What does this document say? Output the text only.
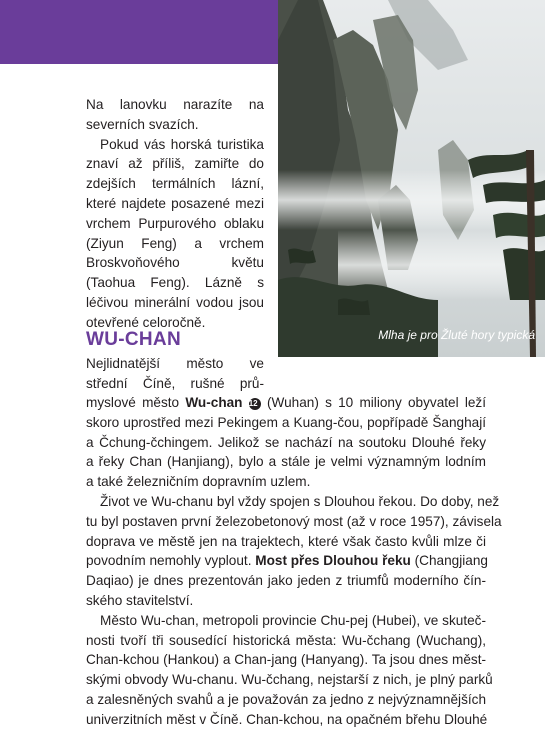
Mlha je pro Žluté hory typická

Na lanovku narazíte na severních svazích.

Pokud vás horská turistika znaví až příliš, zamiřte do zdejších termálních lázní, které najdete posazené mezi vrchem Purpurového oblaku (Ziyun Feng) a vrchem Broskvoňového květu (Taohua Feng). Lázně s léčivou minerální vodou jsou otevřené celoročně.

WU-CHAN
Nejlidnatější město ve
střední Číně, rušné prů-
myslové město Wu-chan 12 (Wuhan) s 10 miliony obyvatel leží
skoro uprostřed mezi Pekingem a Kuang-čou, popřípadě Šanghají
a Čchung-čchingem. Jelikož se nachází na soutoku Dlouhé řeky
a řeky Chan (Hanjiang), bylo a stále je velmi významným lodním
a také železničním dopravním uzlem.
Život ve Wu-chanu byl vždy spojen s Dlouhou řekou. Do doby, než
tu byl postaven první železobetonový most (až v roce 1957), závisela
doprava ve městě jen na trajektech, které však často kvůli mlze či
povodním nemohly vyplout. Most přes Dlouhou řeku (Changjiang
Daqiao) je dnes prezentován jako jeden z triumfů moderního čín-
ského stavitelství.
Město Wu-chan, metropoli provincie Chu-pej (Hubei), ve skuteč-
nosti tvoří tři sousedící historická města: Wu-čchang (Wuchang),
Chan-kchou (Hankou) a Chan-jang (Hanyang). Ta jsou dnes měst-
skými obvody Wu-chanu. Wu-čchang, nejstarší z nich, je plný parků
a zalesněných svahů a je považován za jedno z nejvýznamnějších
univerzitních měst v Číně. Chan-kchou, na opačném břehu Dlouhé
